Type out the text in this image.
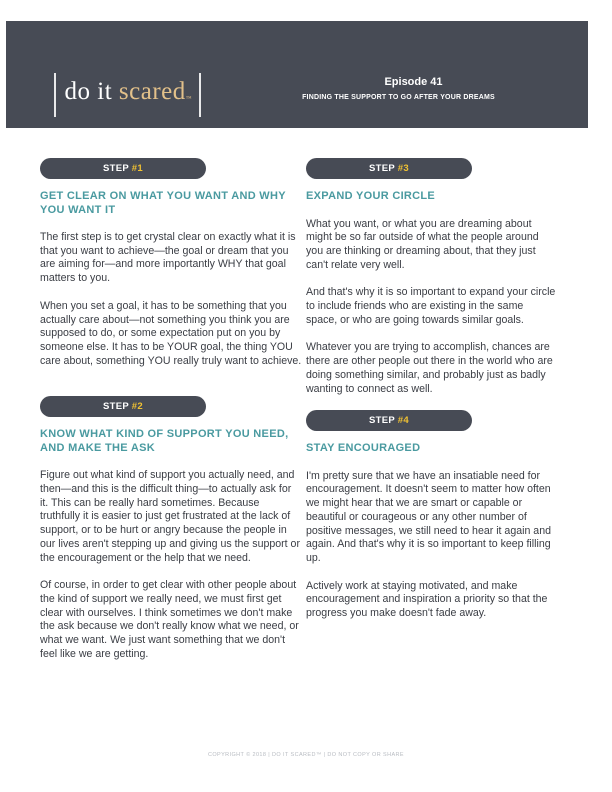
do it scared™
Episode 41
FINDING THE SUPPORT TO GO AFTER YOUR DREAMS
STEP #1
GET CLEAR ON WHAT YOU WANT AND WHY YOU WANT IT

The first step is to get crystal clear on exactly what it is that you want to achieve—the goal or dream that you are aiming for—and more importantly WHY that goal matters to you.

When you set a goal, it has to be something that you actually care about—not something you think you are supposed to do, or some expectation put on you by someone else. It has to be YOUR goal, the thing YOU care about, something YOU really truly want to achieve.

STEP #2
KNOW WHAT KIND OF SUPPORT YOU NEED, AND MAKE THE ASK

Figure out what kind of support you actually need, and then—and this is the difficult thing—to actually ask for it. This can be really hard sometimes. Because truthfully it is easier to just get frustrated at the lack of support, or to be hurt or angry because the people in our lives aren't stepping up and giving us the support or the encouragement or the help that we need.

Of course, in order to get clear with other people about the kind of support we really need, we must first get clear with ourselves. I think sometimes we don't make the ask because we don't really know what we need, or what we want. We just want something that we don't feel like we are getting.

STEP #3
EXPAND YOUR CIRCLE

What you want, or what you are dreaming about might be so far outside of what the people around you are thinking or dreaming about, that they just can't relate very well.

And that's why it is so important to expand your circle to include friends who are existing in the same space, or who are going towards similar goals.

Whatever you are trying to accomplish, chances are there are other people out there in the world who are doing something similar, and probably just as badly wanting to connect as well.

STEP #4
STAY ENCOURAGED

I'm pretty sure that we have an insatiable need for encouragement. It doesn't seem to matter how often we might hear that we are smart or capable or beautiful or courageous or any other number of positive messages, we still need to hear it again and again. And that's why it is so important to keep filling up.

Actively work at staying motivated, and make encouragement and inspiration a priority so that the progress you make doesn't fade away.

COPYRIGHT © 2018 | DO IT SCARED™ | DO NOT COPY OR SHARE
